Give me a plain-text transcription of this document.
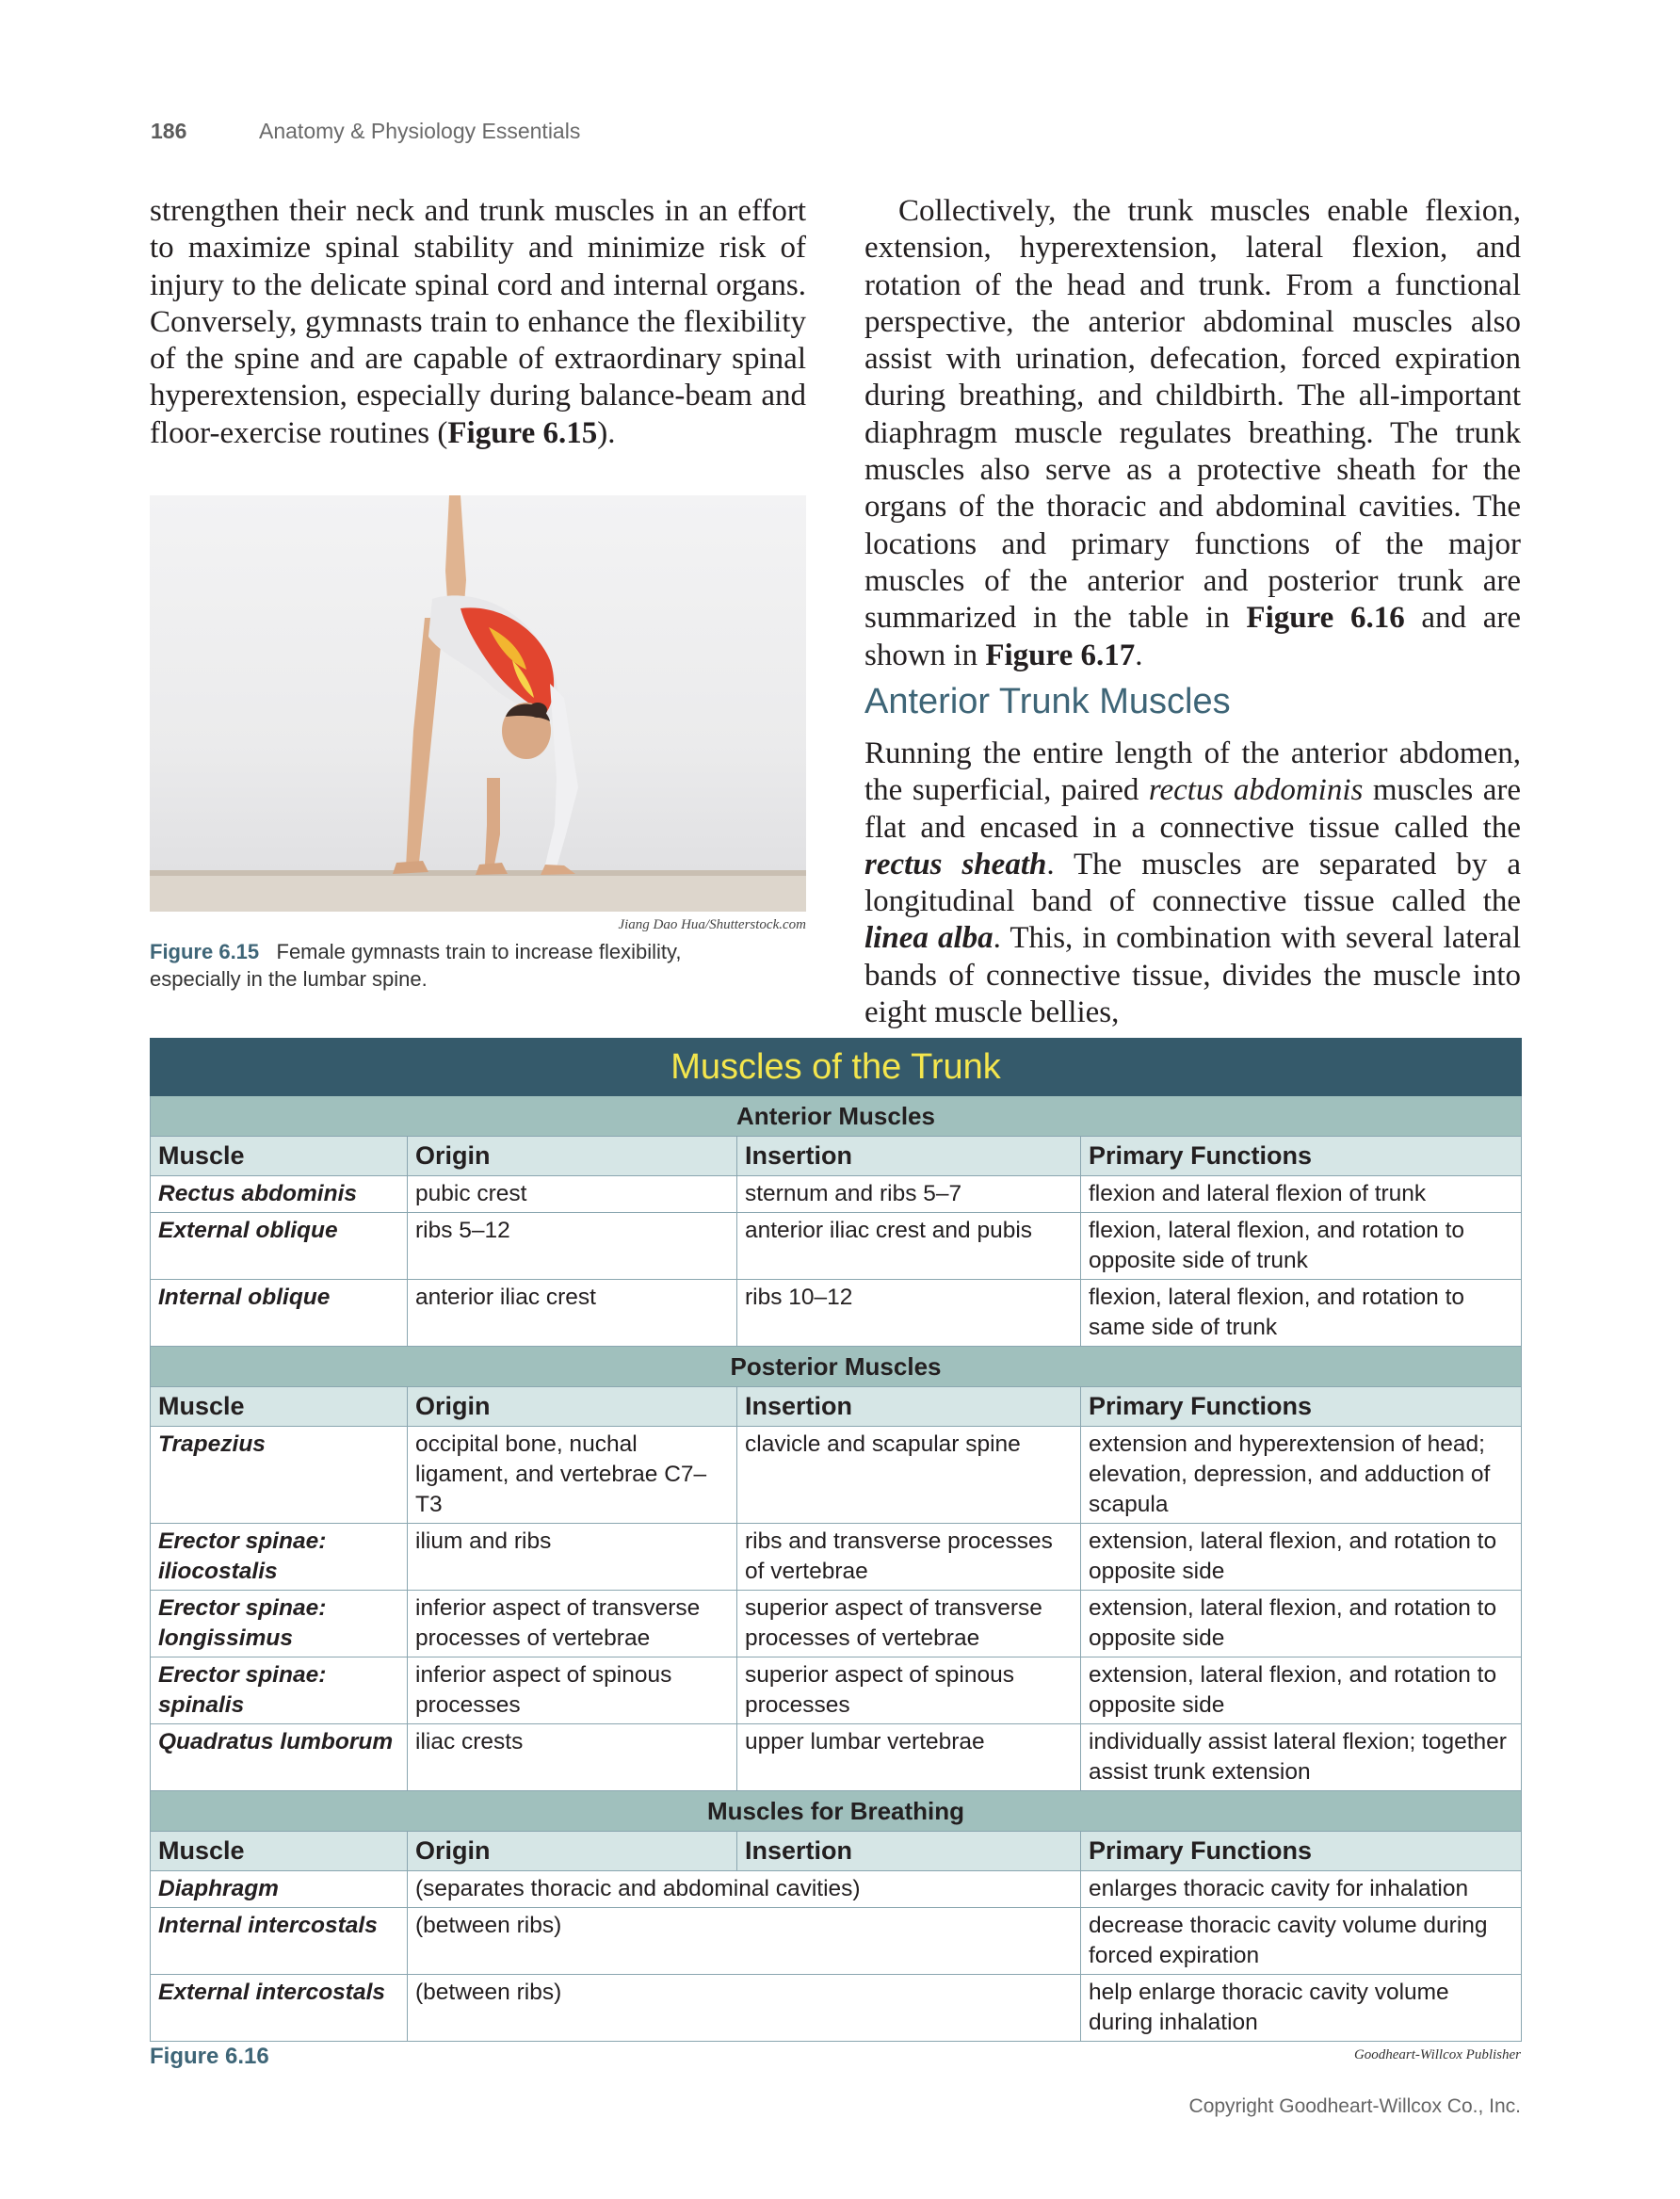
186	Anatomy & Physiology Essentials

strengthen their neck and trunk muscles in an effort to maximize spinal stability and minimize risk of injury to the delicate spinal cord and internal organs. Conversely, gymnasts train to enhance the flexibility of the spine and are capable of extraordinary spinal hyperextension, especially during balance-beam and floor-exercise routines (Figure 6.15).

Jiang Dao Hua/Shutterstock.com
Figure 6.15 Female gymnasts train to increase flexibility,
especially in the lumbar spine.

Collectively, the trunk muscles enable flexion, extension, hyperextension, lateral flexion, and rotation of the head and trunk. From a functional perspective, the anterior abdominal muscles also assist with urination, defecation, forced expiration during breathing, and childbirth. The all-important diaphragm muscle regulates breathing. The trunk muscles also serve as a protective sheath for the organs of the thoracic and abdominal cavities. The locations and primary functions of the major muscles of the anterior and posterior trunk are summarized in the table in Figure 6.16 and are shown in Figure 6.17.

Anterior Trunk Muscles

Running the entire length of the anterior abdomen, the superficial, paired rectus abdominis muscles are flat and encased in a connective tissue called the rectus sheath. The muscles are separated by a longitudinal band of connective tissue called the linea alba. This, in combination with several lateral bands of connective tissue, divides the muscle into eight muscle bellies,

Muscles of the Trunk			
Anterior Muscles			
Muscle	Origin	Insertion	Primary Functions
Rectus abdominis	pubic crest	sternum and ribs 5–7	flexion and lateral flexion of trunk
External oblique	ribs 5–12	anterior iliac crest and pubis	flexion, lateral flexion, and rotation to opposite side of trunk
Internal oblique	anterior iliac crest	ribs 10–12	flexion, lateral flexion, and rotation to same side of trunk
Posterior Muscles			
Muscle	Origin	Insertion	Primary Functions
Trapezius	occipital bone, nuchal ligament, and vertebrae C7–T3	clavicle and scapular spine	extension and hyperextension of head; elevation, depression, and adduction of scapula
Erector spinae: iliocostalis	ilium and ribs	ribs and transverse processes of vertebrae	extension, lateral flexion, and rotation to opposite side
Erector spinae: longissimus	inferior aspect of transverse processes of vertebrae	superior aspect of transverse processes of vertebrae	extension, lateral flexion, and rotation to opposite side
Erector spinae: spinalis	inferior aspect of spinous processes	superior aspect of spinous processes	extension, lateral flexion, and rotation to opposite side
Quadratus lumborum	iliac crests	upper lumbar vertebrae	individually assist lateral flexion; together assist trunk extension
Muscles for Breathing			
Muscle	Origin	Insertion	Primary Functions
Diaphragm	(separates thoracic and abdominal cavities)		enlarges thoracic cavity for inhalation
Internal intercostals	(between ribs)		decrease thoracic cavity volume during forced expiration
External intercostals	(between ribs)		help enlarge thoracic cavity volume during inhalation
Figure 6.16	Goodheart-Willcox Publisher
Copyright Goodheart-Willcox Co., Inc.
